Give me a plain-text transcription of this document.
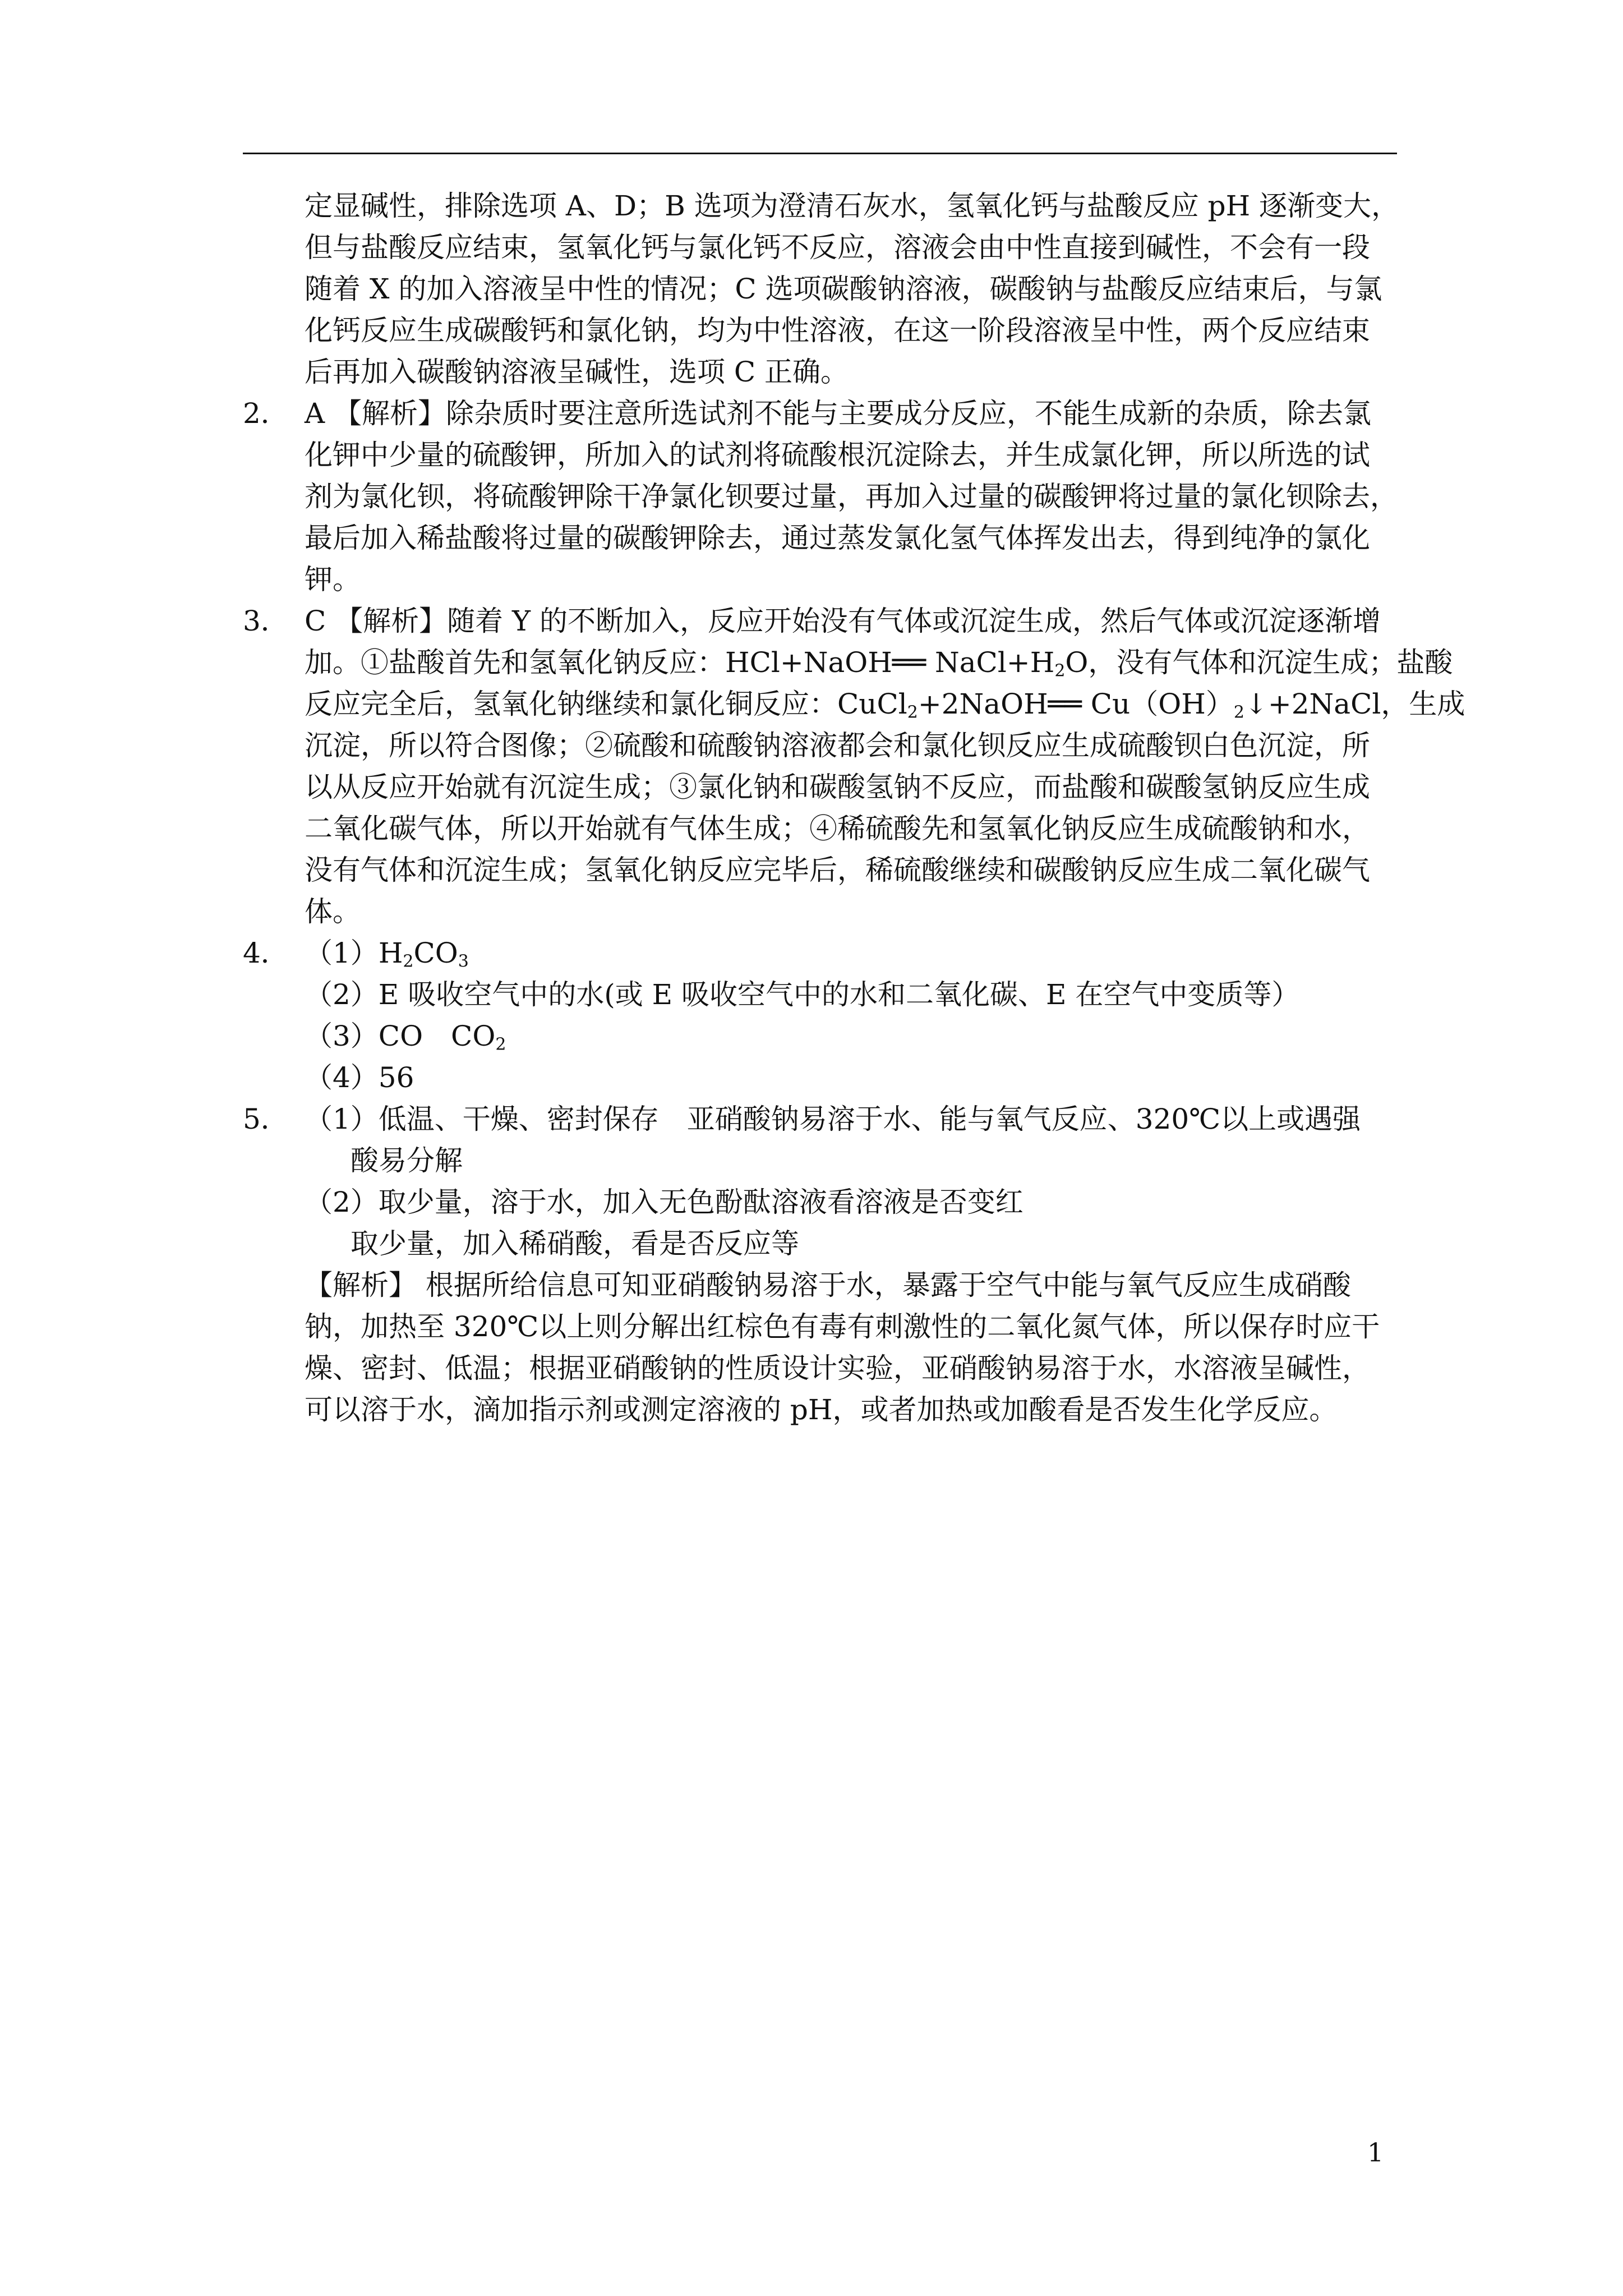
定显碱性，排除选项 A、D；B 选项为澄清石灰水，氢氧化钙与盐酸反应 pH 逐渐变大，
但与盐酸反应结束，氢氧化钙与氯化钙不反应，溶液会由中性直接到碱性，不会有一段
随着 X 的加入溶液呈中性的情况；C 选项碳酸钠溶液，碳酸钠与盐酸反应结束后，与氯
化钙反应生成碳酸钙和氯化钠，均为中性溶液，在这一阶段溶液呈中性，两个反应结束
后再加入碳酸钠溶液呈碱性，选项 C 正确。
2． A 【解析】除杂质时要注意所选试剂不能与主要成分反应，不能生成新的杂质，除去氯
化钾中少量的硫酸钾，所加入的试剂将硫酸根沉淀除去，并生成氯化钾，所以所选的试
剂为氯化钡，将硫酸钾除干净氯化钡要过量，再加入过量的碳酸钾将过量的氯化钡除去，
最后加入稀盐酸将过量的碳酸钾除去，通过蒸发氯化氢气体挥发出去，得到纯净的氯化
钾。
3． C 【解析】随着 Y 的不断加入，反应开始没有气体或沉淀生成，然后气体或沉淀逐渐增
加。①盐酸首先和氢氧化钠反应：HCl+NaOH══ $NaCl+H_2O$，没有气体和沉淀生成；盐酸
反应完全后，氢氧化钠继续和氯化铜反应：CuCl$_2$+2NaOH══ $Cu(OH)_2↓+2NaCl$，生成
沉淀，所以符合图像；②硫酸和硫酸钠溶液都会和氯化钡反应生成硫酸钡白色沉淀，所
以从反应开始就有沉淀生成；③氯化钠和碳酸氢钠不反应，而盐酸和碳酸氢钠反应生成
二氧化碳气体，所以开始就有气体生成；④稀硫酸先和氢氧化钠反应生成硫酸钠和水，
没有气体和沉淀生成；氢氧化钠反应完毕后，稀硫酸继续和碳酸钠反应生成二氧化碳气
体。
4． $(1)H_2CO_3$
（2）E 吸收空气中的水(或 E 吸收空气中的水和二氧化碳、E 在空气中变质等）
（3）CO　$CO_2$
（4）56
5． （1）低温、干燥、密封保存　亚硝酸钠易溶于水、能与氧气反应、320℃以上或遇强
酸易分解
（2）取少量，溶于水，加入无色酚酞溶液看溶液是否变红
取少量，加入稀硝酸，看是否反应等
【解析】 根据所给信息可知亚硝酸钠易溶于水，暴露于空气中能与氧气反应生成硝酸
钠，加热至 320℃以上则分解出红棕色有毒有刺激性的二氧化氮气体，所以保存时应干
燥、密封、低温；根据亚硝酸钠的性质设计实验，亚硝酸钠易溶于水，水溶液呈碱性，
可以溶于水，滴加指示剂或测定溶液的 pH，或者加热或加酸看是否发生化学反应。
1
